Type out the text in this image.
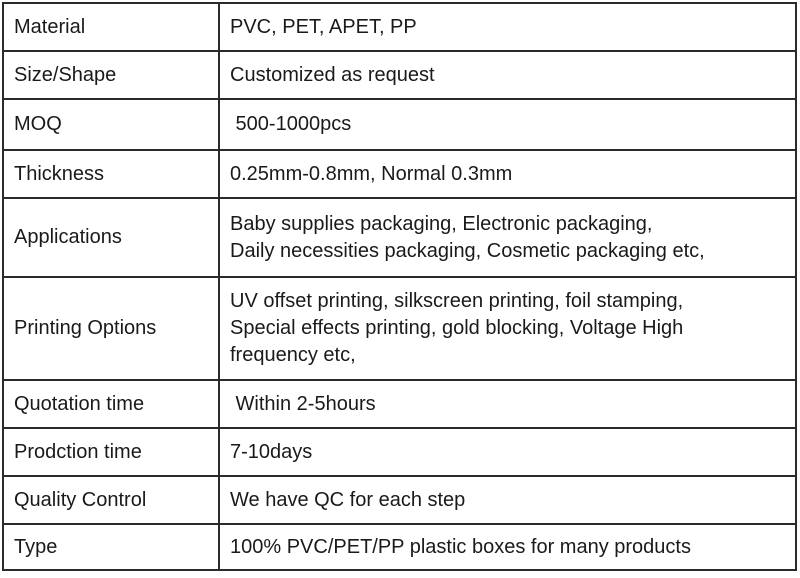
Material	PVC, PET, APET, PP

Size/Shape	Customized as request

MOQ	500-1000pcs

Thickness	0.25mm-0.8mm, Normal 0.3mm

Applications	Baby supplies packaging, Electronic packaging,
Daily necessities packaging, Cosmetic packaging etc,

Printing Options	UV offset printing, silkscreen printing, foil stamping,
Special effects printing, gold blocking, Voltage High
frequency etc,

Quotation time	Within 2-5hours

Prodction time	7-10days

Quality Control	We have QC for each step

Type	100% PVC/PET/PP plastic boxes for many products
